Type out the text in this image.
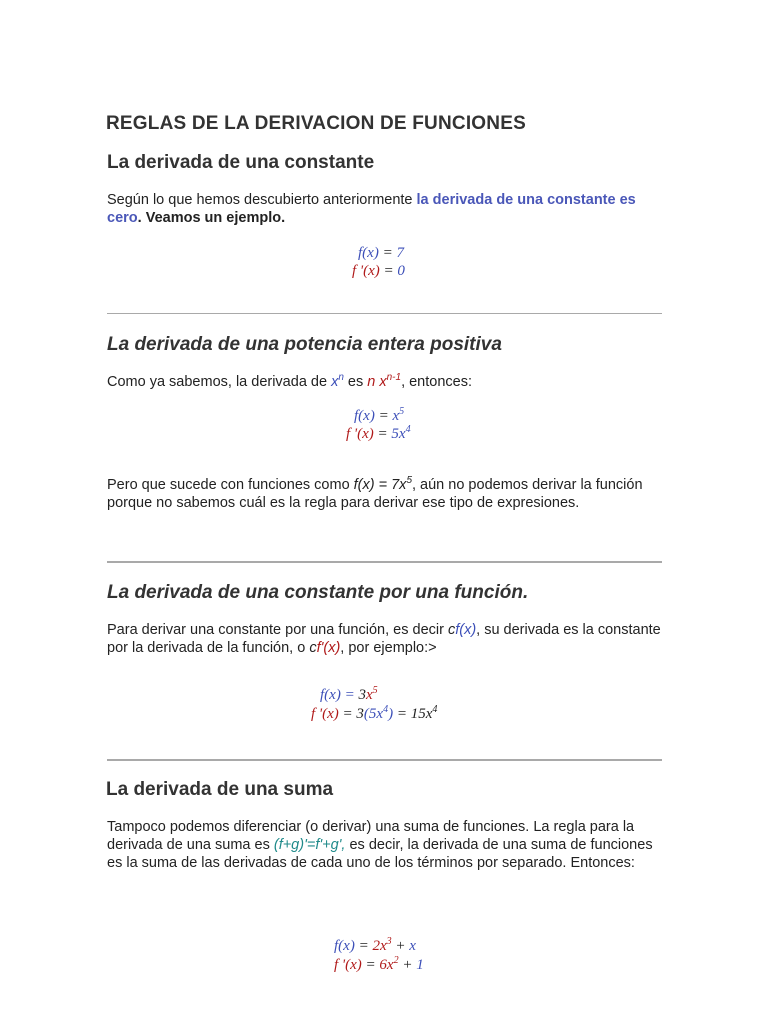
REGLAS DE LA DERIVACION DE FUNCIONES
La derivada de una constante
Según lo que hemos descubierto anteriormente la derivada de una constante es cero. Veamos un ejemplo.
f(x) = 7
f '(x) = 0
La derivada de una potencia entera positiva
Como ya sabemos, la derivada de $x^n$ es n $x^{n-1}$, entonces:
$f(x) = x^5$
f '$(x) = 5x^4$
Pero que sucede con funciones como $f(x) = 7x^5$, aún no podemos derivar la función porque no sabemos cuál es la regla para derivar ese tipo de expresiones.
La derivada de una constante por una función.
Para derivar una constante por una función, es decir cf(x), su derivada es la constante por la derivada de la función, o cf'(x), por ejemplo:>
$f(x) = 3x^5$
f '$(x) = 3(5x^4) = 15x^4$
La derivada de una suma
Tampoco podemos diferenciar (o derivar) una suma de funciones. La regla para la derivada de una suma es (f+g)'=f'+g', es decir, la derivada de una suma de funciones es la suma de las derivadas de cada uno de los términos por separado. Entonces:
$f(x) = 2x^3 + x$
f '$(x) = 6x^2 + 1$
